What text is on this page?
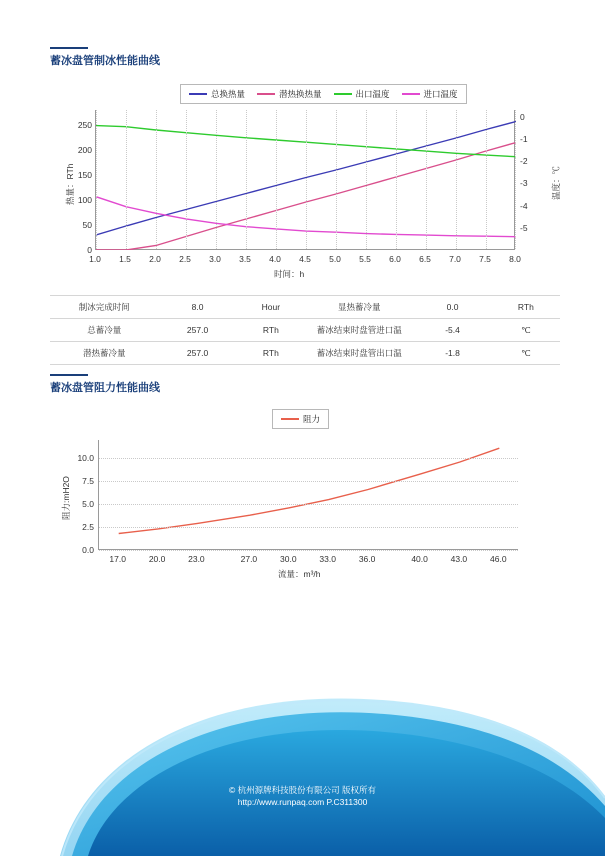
蓄冰盘管制冰性能曲线
总换热量	潜热换热量	出口温度	进口温度
0
50
100
150
200
250
0
-1
-2
-3
-4
-5
1.0 1.5 2.0 2.5 3.0 3.5 4.0 4.5 5.0 5.5 6.0 6.5 7.0 7.5 8.0
热量：RTh	温度：℃
时间：h
制冰完成时间	8.0	Hour	显热蓄冷量	0.0	RTh
总蓄冷量	257.0	RTh	蓄冰结束时盘管进口温	-5.4	℃
潜热蓄冷量	257.0	RTh	蓄冰结束时盘管出口温	-1.8	℃
蓄冰盘管阻力性能曲线
阻力
0.0
2.5
5.0
7.5
10.0
17.0	20.0	23.0	27.0	30.0	33.0	36.0	40.0	43.0	46.0
阻力:mH2O
流量：m³/h
© 杭州源牌科技股份有限公司 版权所有
http://www.runpaq.com P.C311300
